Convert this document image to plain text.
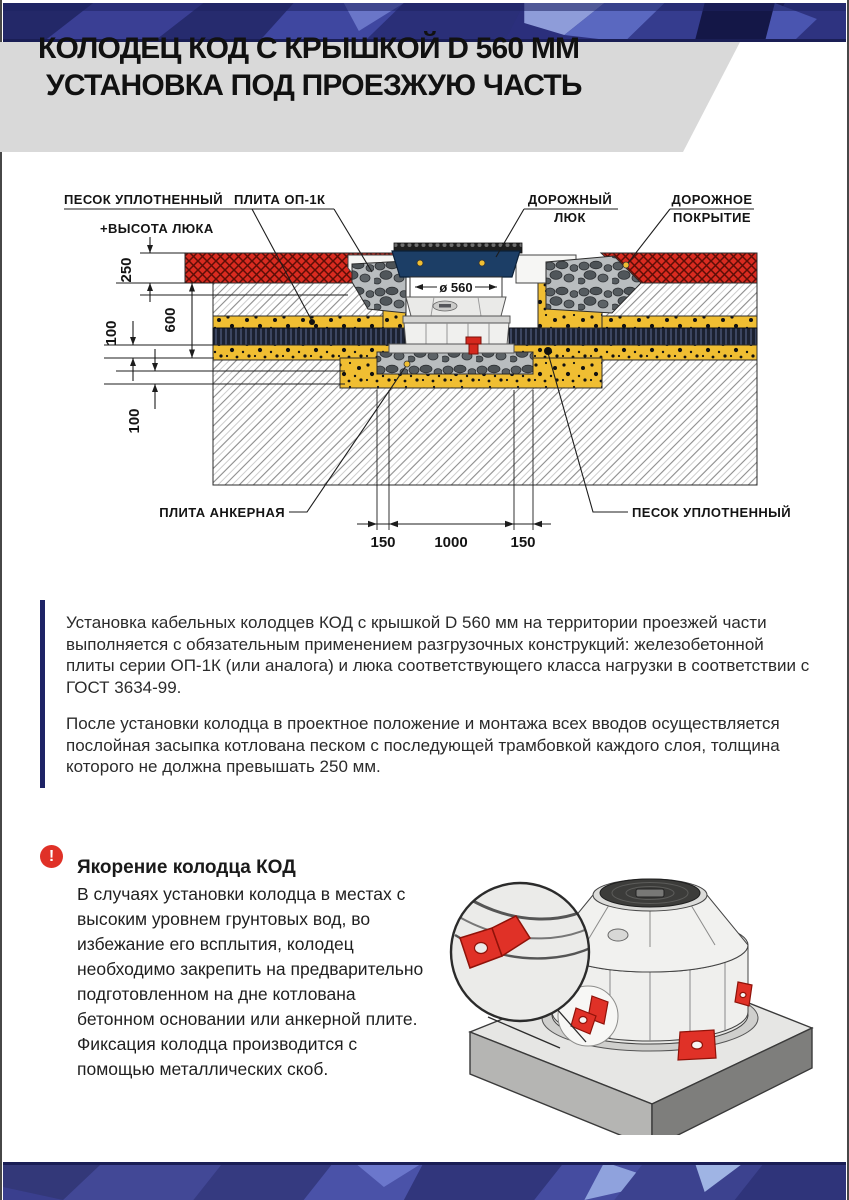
КОЛОДЕЦ КОД С КРЫШКОЙ D 560 ММ
УСТАНОВКА ПОД ПРОЕЗЖУЮ ЧАСТЬ
ø 560
250
600
100
100
150	1000	150
ПЕСОК УПЛОТНЕННЫЙ ПЛИТА ОП-1К
+ВЫСОТА ЛЮКА
ДОРОЖНЫЙ
ЛЮК
ДОРОЖНОЕ
ПОКРЫТИЕ
ПЛИТА АНКЕРНАЯ	ПЕСОК УПЛОТНЕННЫЙ

Установка кабельных колодцев КОД с крышкой D 560 мм на территории проезжей части выполняется с обязательным применением разгрузочных конструкций: железобетонной плиты серии ОП-1К (или аналога) и люка соответствующего класса нагрузки в соответствии с ГОСТ 3634-99.

После установки колодца в проектное положение и монтажа всех вводов осуществляется послойная засыпка котлована песком с последующей трамбовкой каждого слоя, толщина которого не должна превышать 250 мм.

!
Якорение колодца КОД
В случаях установки колодца в местах с высоким уровнем грунтовых вод, во избежание его всплытия, колодец необходимо закрепить на предварительно подготовленном на дне котлована бетонном основании или анкерной плите. Фиксация колодца производится с помощью металлических скоб.
